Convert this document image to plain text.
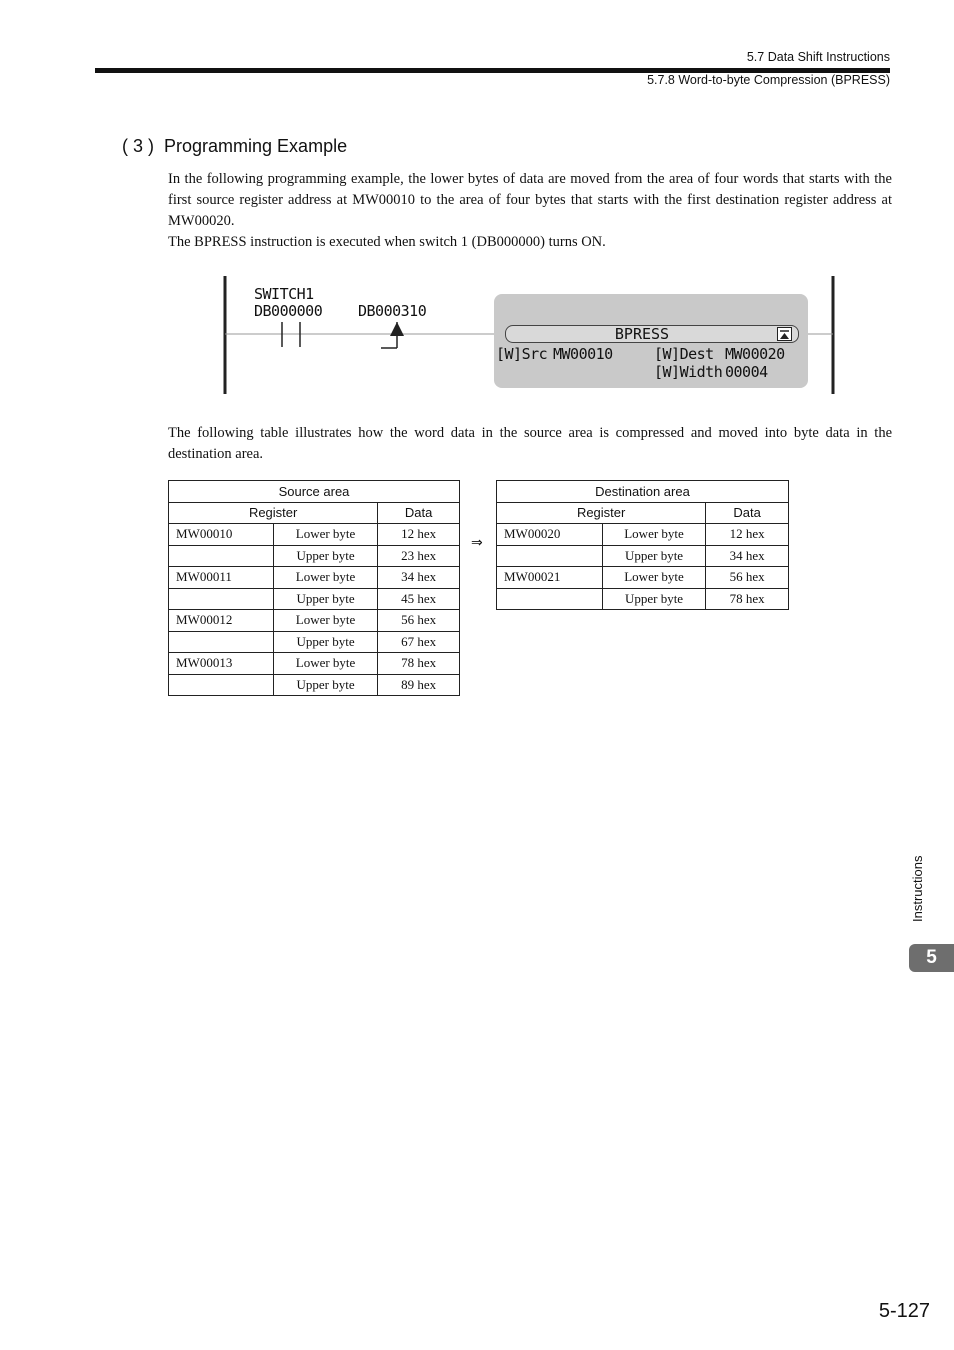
5.7 Data Shift Instructions
5.7.8 Word-to-byte Compression (BPRESS)
( 3 ) Programming Example

In the following programming example, the lower bytes of data are moved from the area of four words that starts with the first source register address at MW00010 to the area of four bytes that starts with the first destination register address at MW00020.

The BPRESS instruction is executed when switch 1 (DB000000) turns ON.

SWITCH1
DB000000 DB000310
BPRESS
[W]Src MW00010	[W]Dest MW00020
[W]Width 00004
The following table illustrates how the word data in the source area is compressed and moved into byte data in the destination area.
Source area		
Register		Data
MW00010	Lower byte	12 hex
	Upper byte	23 hex
MW00011	Lower byte	34 hex
	Upper byte	45 hex
MW00012	Lower byte	56 hex
	Upper byte	67 hex
MW00013	Lower byte	78 hex
	Upper byte	89 hex
⇒
Destination area		
Register		Data
MW00020	Lower byte	12 hex
	Upper byte	34 hex
MW00021	Lower byte	56 hex
	Upper byte	78 hex
Instructions
5
5-127
